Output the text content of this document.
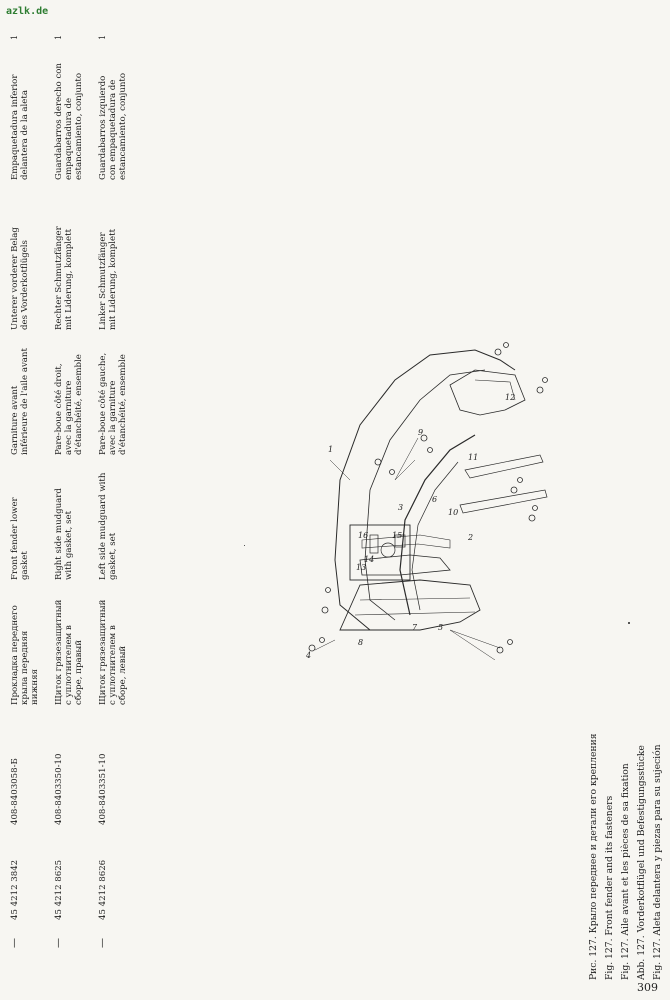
azlk.de
—
45 4212 3842
408-8403058-Б
Прокладка переднего крыла передняя нижняя
Front fender lower gasket
Garniture avant inférieure de l'aile avant
Unterer vorderer Belag des Vorderkotflügels
Empaquetadura inferior delantera de la aleta
1
—
45 4212 8625
408-8403350-10
Щиток грязезащитный с уплотнителем в сборе, правый
Right side mudguard with gasket, set
Pare-boue côté droit, avec la garniture d'étanchéité, ensemble
Rechter Schmutzfänger mit Liderung, komplett
Guardabarros derecho con empaquetadura de estancamiento, conjunto
1
—
45 4212 8626
408-8403351-10
Щиток грязезащитный с уплотнителем в сборе, левый
Left side mudguard with gasket, set
Pare-boue côté gauche, avec la garniture d'étanchéité, ensemble
Linker Schmutzfänger mit Liderung, komplett
Guardabarros izquierdo con empaquetadura de estancamiento, conjunto
1
Рис. 127. Крыло переднее и детали его крепления Fig. 127. Front fender and its fasteners Fig. 127. Aile avant et les pièces de sa fixation Abb. 127. Vorderkotflügel und Befestigungsstücke Fig. 127. Aleta delantera y piezas para su sujeción
1
2
3
4
5
6
7
8
9
10
11
12
13
14
15
16
309
